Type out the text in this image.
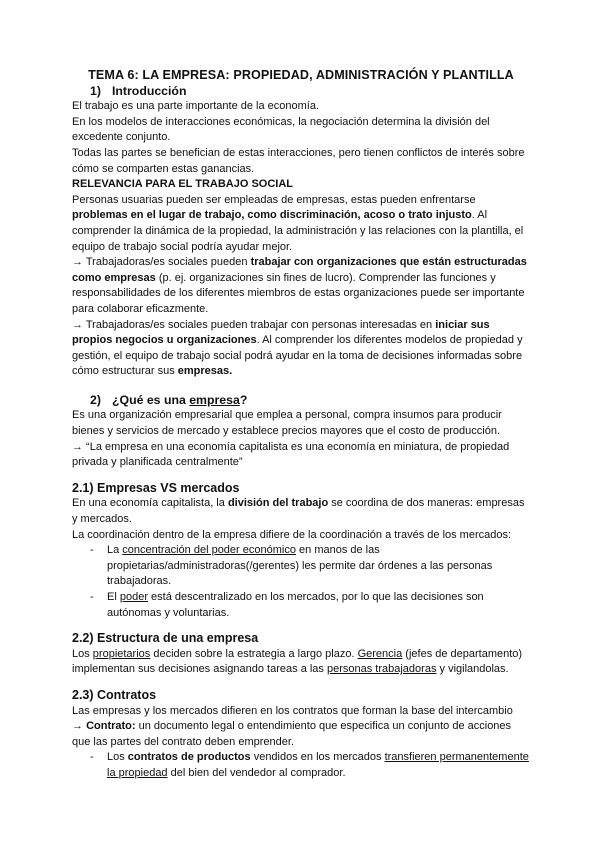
TEMA 6: LA EMPRESA: PROPIEDAD, ADMINISTRACIÓN Y PLANTILLA
1) Introducción

El trabajo es una parte importante de la economía.

En los modelos de interacciones económicas, la negociación determina la división del excedente conjunto.

Todas las partes se benefician de estas interacciones, pero tienen conflictos de interés sobre cómo se comparten estas ganancias.

RELEVANCIA PARA EL TRABAJO SOCIAL

Personas usuarias pueden ser empleadas de empresas, estas pueden enfrentarse problemas en el lugar de trabajo, como discriminación, acoso o trato injusto. Al comprender la dinámica de la propiedad, la administración y las relaciones con la plantilla, el equipo de trabajo social podría ayudar mejor.

→ Trabajadoras/es sociales pueden trabajar con organizaciones que están estructuradas como empresas (p. ej. organizaciones sin fines de lucro). Comprender las funciones y responsabilidades de los diferentes miembros de estas organizaciones puede ser importante para colaborar eficazmente.

→ Trabajadoras/es sociales pueden trabajar con personas interesadas en iniciar sus propios negocios u organizaciones. Al comprender los diferentes modelos de propiedad y gestión, el equipo de trabajo social podrá ayudar en la toma de decisiones informadas sobre cómo estructurar sus empresas.

2) ¿Qué es una empresa?

Es una organización empresarial que emplea a personal, compra insumos para producir bienes y servicios de mercado y establece precios mayores que el costo de producción.

→ “La empresa en una economía capitalista es una economía en miniatura, de propiedad privada y planificada centralmente”

2.1) Empresas VS mercados

En una economía capitalista, la división del trabajo se coordina de dos maneras: empresas y mercados.

La coordinación dentro de la empresa difiere de la coordinación a través de los mercados:

- La concentración del poder económico en manos de las propietarias/administradoras(/gerentes) les permite dar órdenes a las personas trabajadoras.
- El poder está descentralizado en los mercados, por lo que las decisiones son autónomas y voluntarias.
2.2) Estructura de una empresa

Los propietarios deciden sobre la estrategia a largo plazo. Gerencia (jefes de departamento) implementan sus decisiones asignando tareas a las personas trabajadoras y vigilandolas.

2.3) Contratos

Las empresas y los mercados difieren en los contratos que forman la base del intercambio

→ Contrato: un documento legal o entendimiento que especifica un conjunto de acciones que las partes del contrato deben emprender.

- Los contratos de productos vendidos en los mercados transfieren permanentemente la propiedad del bien del vendedor al comprador.
